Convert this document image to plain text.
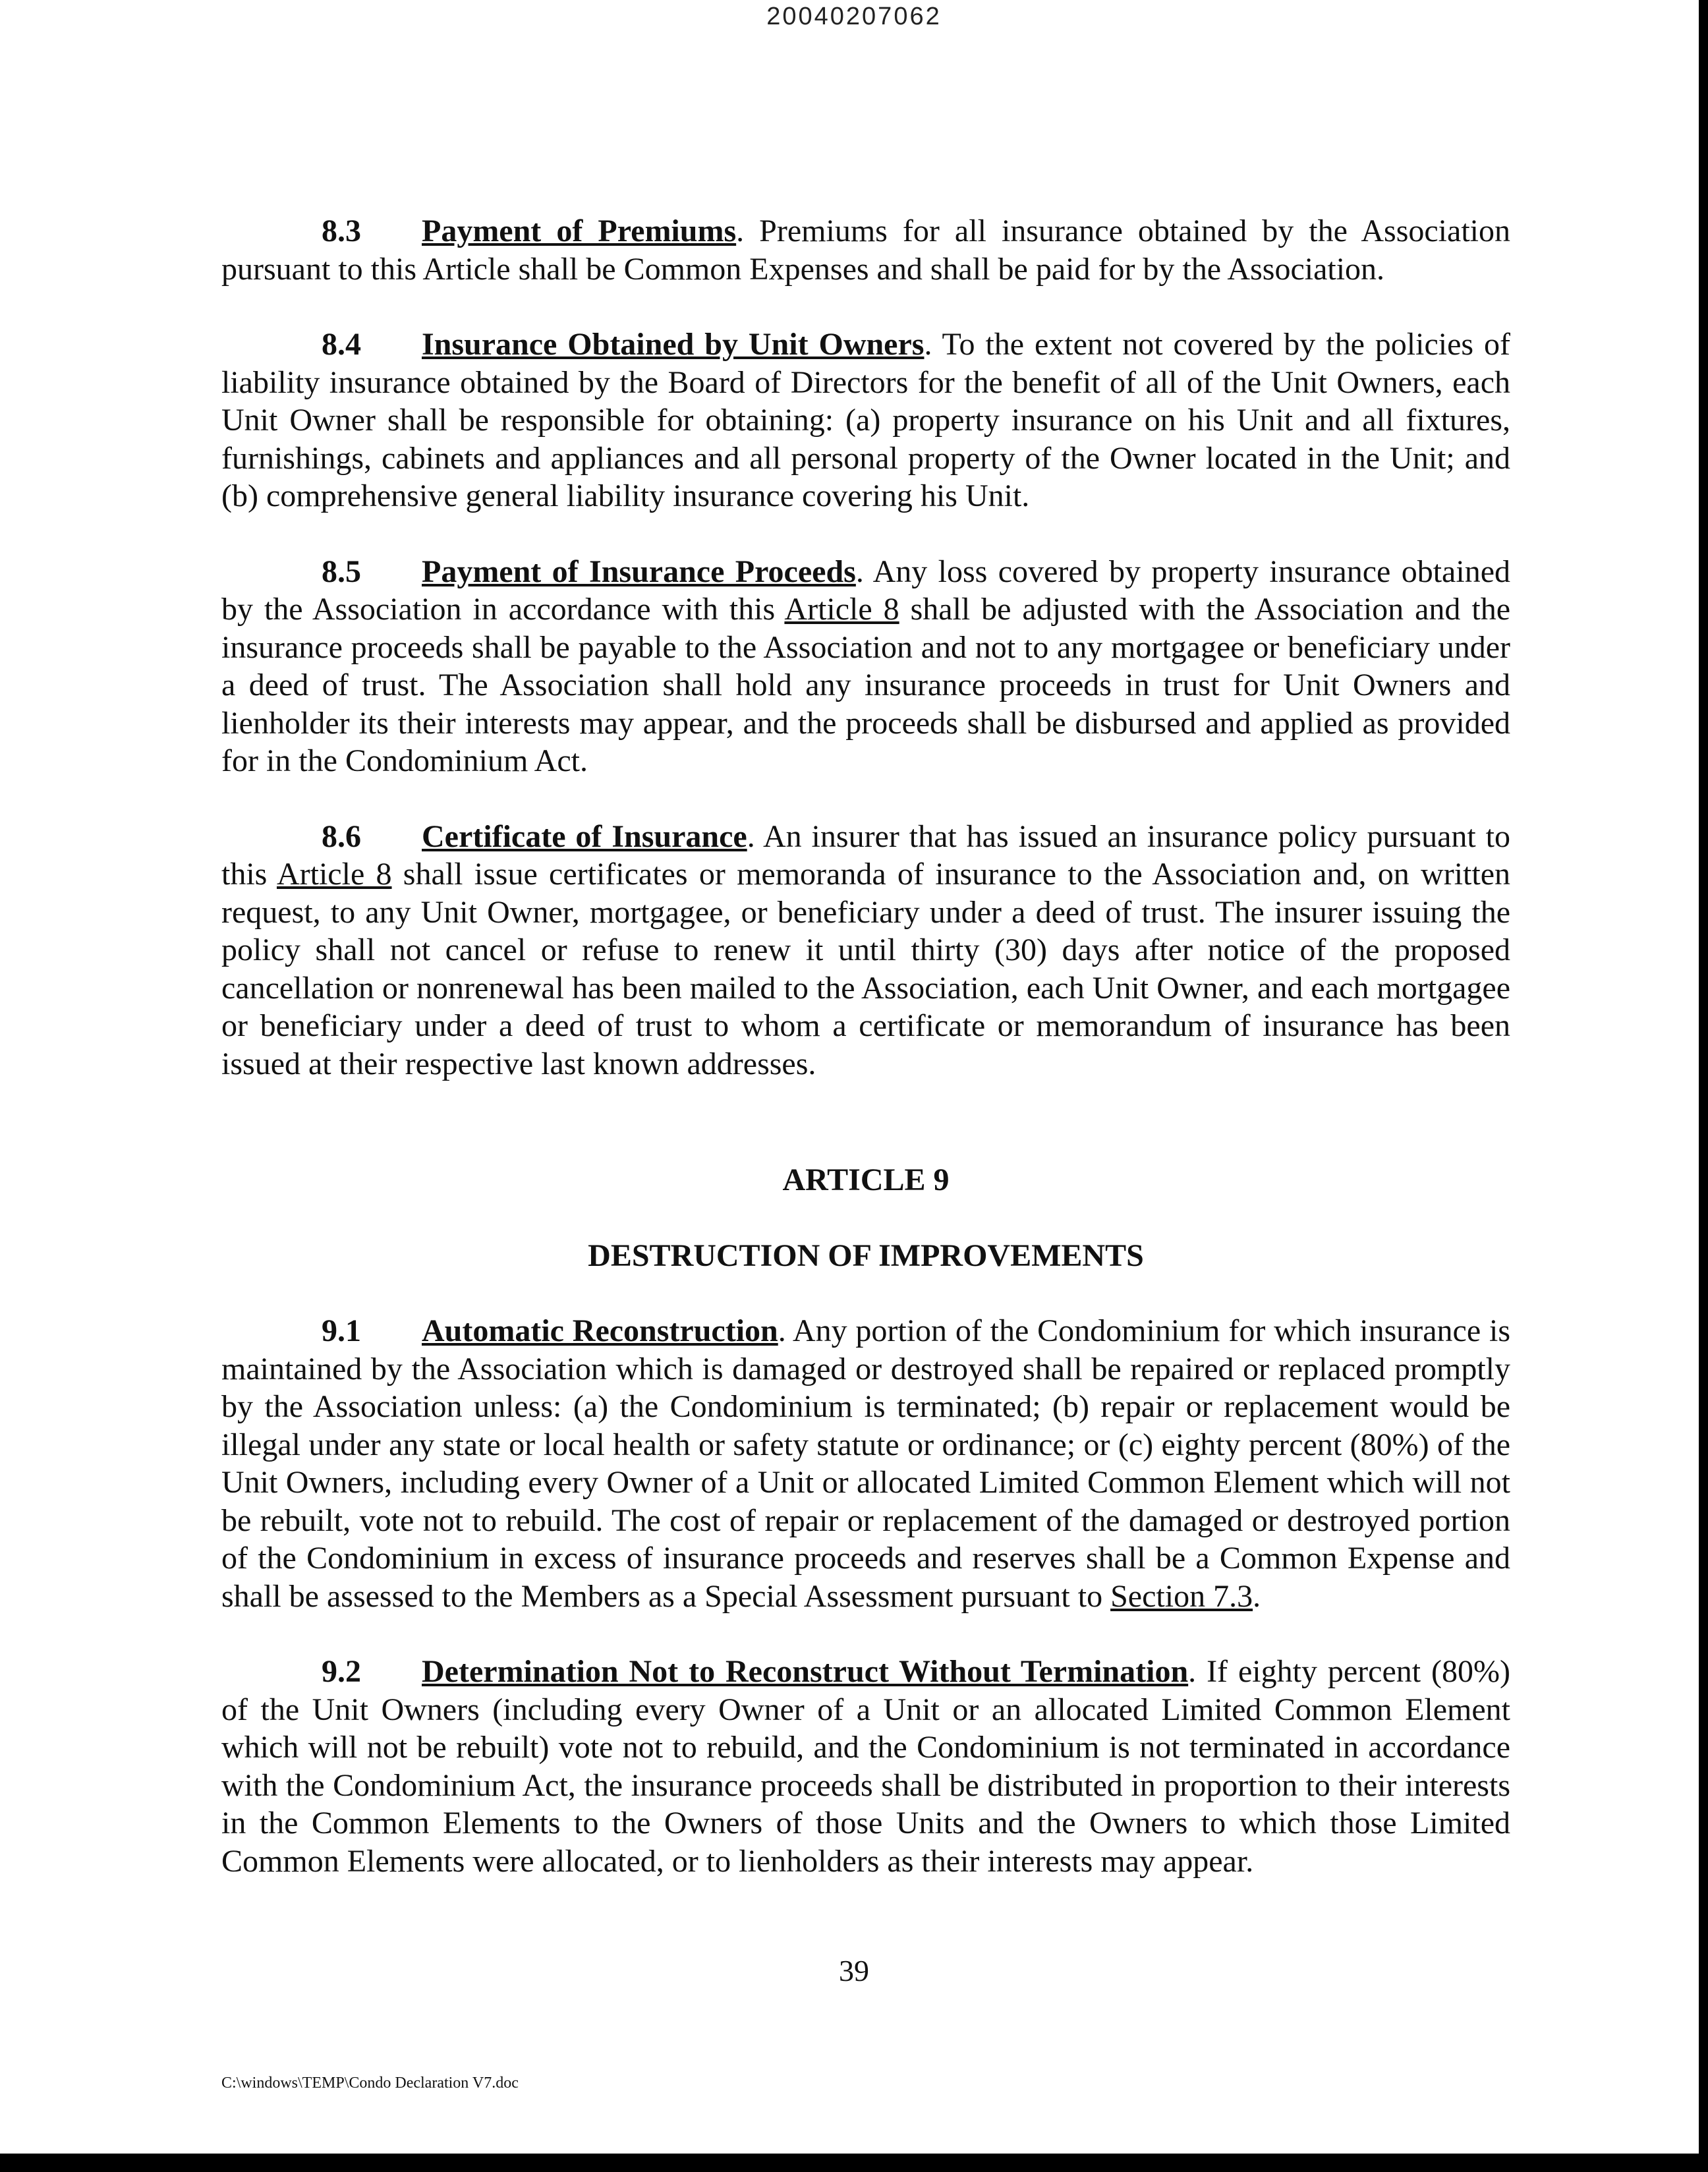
20040207062

8.3 Payment of Premiums. Premiums for all insurance obtained by the Association pursuant to this Article shall be Common Expenses and shall be paid for by the Association.

8.4 Insurance Obtained by Unit Owners. To the extent not covered by the policies of liability insurance obtained by the Board of Directors for the benefit of all of the Unit Owners, each Unit Owner shall be responsible for obtaining: (a) property insurance on his Unit and all fixtures, furnishings, cabinets and appliances and all personal property of the Owner located in the Unit; and (b) comprehensive general liability insurance covering his Unit.

8.5 Payment of Insurance Proceeds. Any loss covered by property insurance obtained by the Association in accordance with this Article 8 shall be adjusted with the Association and the insurance proceeds shall be payable to the Association and not to any mortgagee or beneficiary under a deed of trust. The Association shall hold any insurance proceeds in trust for Unit Owners and lienholder its their interests may appear, and the proceeds shall be disbursed and applied as provided for in the Condominium Act.

8.6 Certificate of Insurance. An insurer that has issued an insurance policy pursuant to this Article 8 shall issue certificates or memoranda of insurance to the Association and, on written request, to any Unit Owner, mortgagee, or beneficiary under a deed of trust. The insurer issuing the policy shall not cancel or refuse to renew it until thirty (30) days after notice of the proposed cancellation or nonrenewal has been mailed to the Association, each Unit Owner, and each mortgagee or beneficiary under a deed of trust to whom a certificate or memorandum of insurance has been issued at their respective last known addresses.

ARTICLE 9

DESTRUCTION OF IMPROVEMENTS

9.1 Automatic Reconstruction. Any portion of the Condominium for which insurance is maintained by the Association which is damaged or destroyed shall be repaired or replaced promptly by the Association unless: (a) the Condominium is terminated; (b) repair or replacement would be illegal under any state or local health or safety statute or ordinance; or (c) eighty percent (80%) of the Unit Owners, including every Owner of a Unit or allocated Limited Common Element which will not be rebuilt, vote not to rebuild. The cost of repair or replacement of the damaged or destroyed portion of the Condominium in excess of insurance proceeds and reserves shall be a Common Expense and shall be assessed to the Members as a Special Assessment pursuant to Section 7.3.

9.2 Determination Not to Reconstruct Without Termination. If eighty percent (80%) of the Unit Owners (including every Owner of a Unit or an allocated Limited Common Element which will not be rebuilt) vote not to rebuild, and the Condominium is not terminated in accordance with the Condominium Act, the insurance proceeds shall be distributed in proportion to their interests in the Common Elements to the Owners of those Units and the Owners to which those Limited Common Elements were allocated, or to lienholders as their interests may appear.

39
C:\windows\TEMP\Condo Declaration V7.doc
